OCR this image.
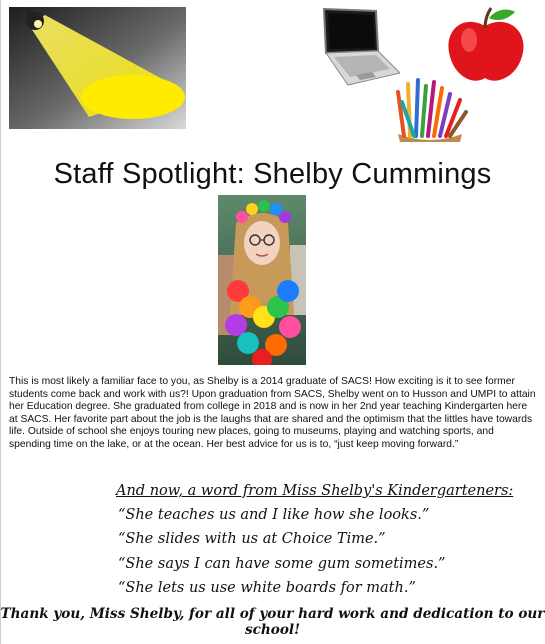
Staff Spotlight: Shelby Cummings
This is most likely a familiar face to you, as Shelby is a 2014 graduate of SACS! How exciting is it to see former students come back and work with us?! Upon graduation from SACS, Shelby went on to Husson and UMPI to attain her Education degree. She graduated from college in 2018 and is now in her 2nd year teaching Kindergarten here at SACS. Her favorite part about the job is the laughs that are shared and the optimism that the littles have towards life. Outside of school she enjoys touring new places, going to museums, playing and watching sports, and spending time on the lake, or at the ocean. Her best advice for us is to, “just keep moving forward.”
And now, a word from Miss Shelby's Kindergarteners:
“She teaches us and I like how she looks.”
“She slides with us at Choice Time.”
“She says I can have some gum sometimes.”
“She lets us use white boards for math.”
Thank you, Miss Shelby, for all of your hard work and dedication to our school!
